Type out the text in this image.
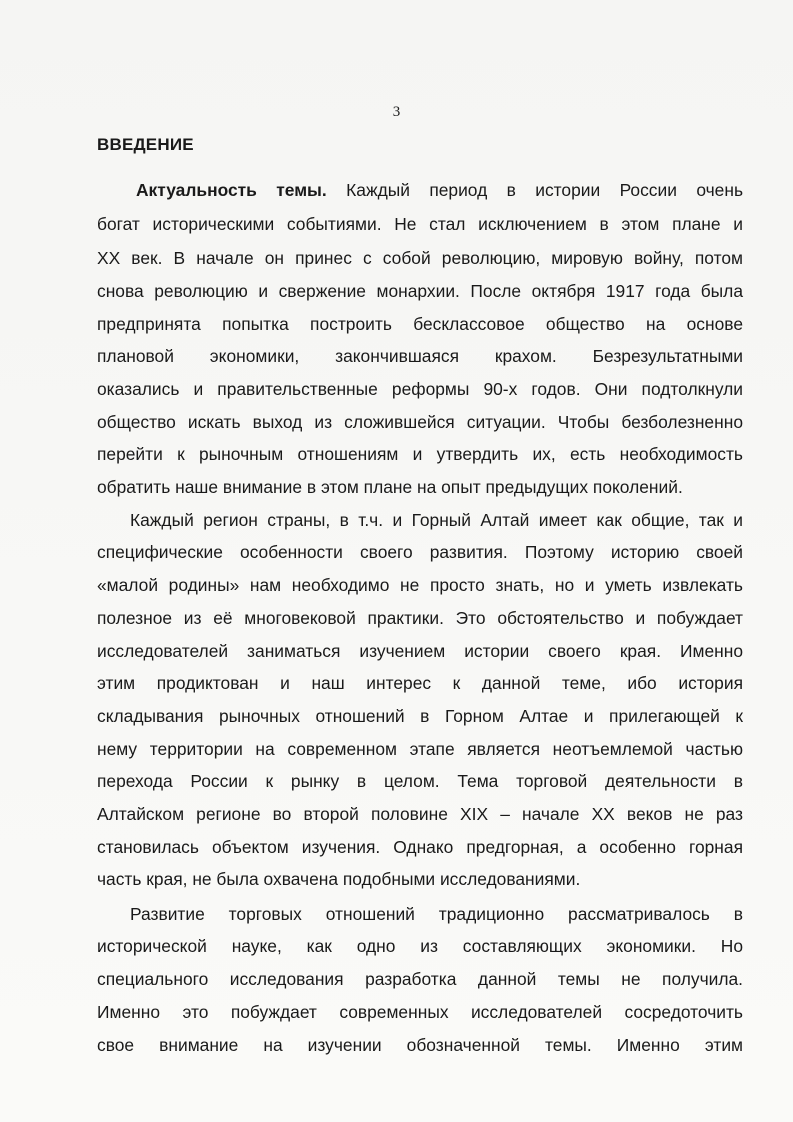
3
ВВЕДЕНИЕ
Актуальность темы. Каждый период в истории России очень
богат историческими событиями. Не стал исключением в этом плане и
XX век. В начале он принес с собой революцию, мировую войну, потом
снова революцию и свержение монархии. После октября 1917 года была
предпринята попытка построить бесклассовое общество на основе
плановой экономики, закончившаяся крахом. Безрезультатными
оказались и правительственные реформы 90-х годов. Они подтолкнули
общество искать выход из сложившейся ситуации. Чтобы безболезненно
перейти к рыночным отношениям и утвердить их, есть необходимость
обратить наше внимание в этом плане на опыт предыдущих поколений.
Каждый регион страны, в т.ч. и Горный Алтай имеет как общие, так и
специфические особенности своего развития. Поэтому историю своей
«малой родины» нам необходимо не просто знать, но и уметь извлекать
полезное из её многовековой практики. Это обстоятельство и побуждает
исследователей заниматься изучением истории своего края. Именно
этим продиктован и наш интерес к данной теме, ибо история
складывания рыночных отношений в Горном Алтае и прилегающей к
нему территории на современном этапе является неотъемлемой частью
перехода России к рынку в целом. Тема торговой деятельности в
Алтайском регионе во второй половине XIX – начале XX веков не раз
становилась объектом изучения. Однако предгорная, а особенно горная
часть края, не была охвачена подобными исследованиями.
Развитие торговых отношений традиционно рассматривалось в
исторической науке, как одно из составляющих экономики. Но
специального исследования разработка данной темы не получила.
Именно это побуждает современных исследователей сосредоточить
свое внимание на изучении обозначенной темы. Именно этим
